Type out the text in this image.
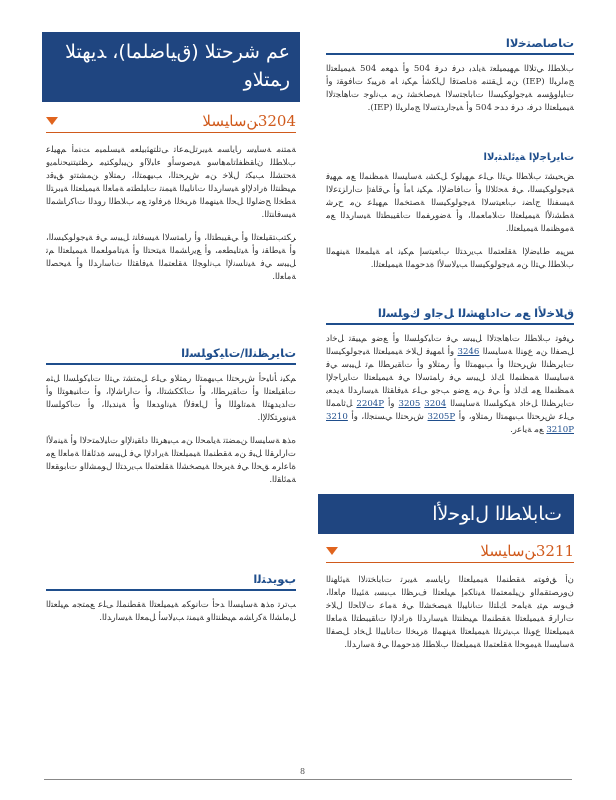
ﻋﻢ ﺷﺮﺣﺘﻼ (ﻕﻴﺎﺿﻠﻤﺎ)، ﺪﻳﻬﺘﻼ
ﺭﻤﺘﻼﻭ
3204ﻦﺳﺎﻴﺴﻼ

ﺔﻤﺘﻨﻣ ﺔﺳﺎﻴﺳ ﺭﺎﻳﺎﺴﻣ ﺔﻴﺑﺮﺗﻞﻤﻋﺎﺗ ﻰﺗﻠﺘﻬﺌﺑﻴﻠﻌﻣ ﺔﻴﺴﻠﻤﻴﻣ ﺖﻨﻣﺃ ﻢﻬﻴﻠﻋ ﺏﻼﻄﻠﻟ ﻥﺎﻘﻈﻔﻠﺗﺎﻤﻫﺎﺳﻭ ﺔﻴﺻﻮﺳﺃﻭ ﺀﺎﺒﻵﺍﻭ ﻦﻴﺒﻟﻮﻜﺘﻴﻣ ﺮﻈﺘﻴﺘﻨﻴﺤﻧﺎﻤﻳﻭ ﺔﺤﺘﺸﻠﻟ ﺐﻴﻜﺗ ﻝﻼﺧ ﻦﻣ ﺵﺮﺤﺘﻟﺍ، ﺐﻴﻬﻤﺘﻟﺍ، ﺭﻤﺘﻼﻭ ﻦﻤﺸﺘﺗﻭ ﻖﻴﻗﺩ ﻢﻴﻈﻨﺘﻟﺍ ﺓﺭﺍﺩﻹﺍﻭ ﺔﻴﺳﺍﺭﺪﻟﺍ ﺕﺎﻧﺎﻴﺒﻟﺍ ﺔﻴﻤﻨﺗ ﺕﺎﺒﻠﻄﺘﻣ ﺔﻣﺎﻌﻟﺍ ﺔﻴﻤﻴﻠﻌﺘﻟﺍ ﺔﻴﺑﺮﺘﻟﺍ ﺔﻄﺨﻟﺍ ﺢﺿﺍﻮﻟﺍ ﻞﺤﻟﺍ ﺔﻴﻨﻬﻤﻟﺍ ﺓﺮﺒﺨﻟﺍ ﺓﺮﻓﺍﻮﺗ ﻊﻣ ﺏﻼﻄﻟﺍ ﺭﻭﺪﻟﺍ ﺕﺎﻛﺭﺎﺸﻤﻟﺍ ﺔﻴﺴﻓﺎﻨﺘﻟﺍ.

ﺮﻜﺘﺐﺘﻘﻴﻠﻌﺘﻟﺍ ﻭﺃ ﻲﻘﻴﺒﻄﺘﻟﺍ، ﻭﺃ ﺭﺎﻤﺘﺳﻻﺍ ﺔﻴﺴﻓﺎﻨﺗ ﻞﻴﺒﺳ ﻲﻓ ﺔﻴﺟﻮﻟﻮﻜﻴﺴﻟﺍ، ﻭﺃ ﺔﻴﻃﺎﻘﻧ ﻭﺃ ﺔﻴﺗﺎﻴﻄﻌﻣ، ﻭﺃ ﻊﻳﺭﺎﺸﻤﻟﺍ ﺔﻴﺘﺤﺘﻟﺍ ﻭﺃ ﺔﻴﺗﺎﻣﻮﻠﻌﻤﻟﺍ ﺔﻴﻤﻴﻠﻌﺘﻟﺍ ﻢﺗ ﻞﻴﺒﺳ ﻲﻓ ﺔﻴﻧﺎﺴﻧﻹﺍ ﺐﻧﺍﻮﺠﻟﺍ ﺔﻘﻠﻌﺘﻤﻟﺍ ﺔﻴﻓﺎﻘﺜﻟﺍ ﺕﺎﺳﺍﺭﺪﻟﺍ ﻭﺃ ﺔﻴﺤﺼﻟﺍ ﺔﻣﺎﻌﻟﺍ.

ﺕﺎﻳﺮﻈﻨﻟﺍ/ﺕﺎﻴﻛﻮﻠﺴﻟﺍ

ﻢﻜﻴﻧ ﺄﻧﺎﻴﺣﺃ ﺵﺮﺤﺘﻟﺍ ﺐﻴﻬﻤﺘﻟﺍ ﺭﻤﺘﻼﻭ ﻰﻠﻋ ﻞﻤﺘﺸﺗ ﻲﺘﻟﺍ ﺕﺎﻴﻛﻮﻠﺴﻟﺍ ﻞﺜﻣ ﺕﺎﻘﻴﻠﻌﺘﻟﺍ ﻭﺃ ﺕﺎﻘﻳﺮﻄﻟﺍ، ﻭﺃ ﺕﺎﻜﻜﺸﺘﻟﺍ، ﻭﺃ ﺕﺍﺭﺎﺷﻹﺍ، ﻭﺃ ﺕﺎﻨﻴﻫﻮﺘﻟﺍ ﻭﺃ ﺕﺍﺪﻳﺪﻬﺘﻟﺍ ﺔﻤﺗﺍﻮﻠﻟﺍ ﻭﺃ ﻝﺎﻌﻓﻷﺍ ﺔﻴﻧﺍﻭﺪﻌﻟﺍ ﻭﺃ ﺔﻴﻧﺪﺒﻟﺍ، ﻭﺃ ﺕﺎﻛﻮﻠﺴﻟﺍ ﺔﻴﻧﻭﺮﺘﻜﻟﻹﺍ.

ﻩﺬﻫ ﺔﺳﺎﻴﺴﻟﺍ ﻦﻤﻀﺘﺗ ﺔﻳﺎﻤﺤﻟﺍ ﻦﻣ ﺐﻴﻫﺮﺘﻟﺍ ﺩﺎﻘﻴﻧﻹﺍﻭ ﺕﺎﻴﻟﺎﻤﺘﺣﻻﺍ ﻭﺃ ﺔﻴﻨﻣﻷﺍ ﺕﺍﺭﺍﺮﻘﻟﺍ ﻞﺒﻗ ﻦﻣ ﺔﻘﻄﻨﻤﻟﺍ ﺔﻴﻤﻴﻠﻌﺘﻟﺍ ﺔﻳﺭﺍﺩﻹﺍ ﻲﻓ ﻞﻴﺒﺳ ﺓﺪﺋﺎﻔﻟﺍ ﺔﻣﺎﻌﻟﺍ ﻊﻣ ﺓﺎﻋﺍﺮﻣ ﻖﺤﻟﺍ ﻲﻓ ﺔﻳﺮﺤﻟﺍ ﺔﻴﺼﺨﺸﻟﺍ ﺔﻘﻠﻌﺘﻤﻟﺍ ﺐﻳﺭﺪﺘﻟﺍ ﻝﻮﻤﺸﻟﺍﻭ ﺕﺎﺑﻮﻘﻌﻟﺍ ﺔﻤﺋﺎﻘﻟﺍ.

ﺏﻮﻳﺪﺘﻟﺍ

ﺐﺗﺮﺗ ﻩﺬﻫ ﺔﺳﺎﻴﺴﻟﺍ ﺪﺣﺃ ﺕﺎﻧﻮﻜﻣ ﺔﻴﻤﻴﻠﻌﺘﻟﺍ ﺔﻘﻄﻨﻤﻠﻟ ﻰﻠﻋ ﻊﻤﺘﺠﻣ ﻢﻴﻠﻌﺘﻟﺍ ﻞﻣﺎﺸﻟﺍ ﺔﻛﺭﺎﺸﻣ ﻢﻴﻈﻨﺘﻟﺍﻭ ﺔﻴﻤﻨﺗ ﺐﻴﻟﺎﺳﺃ ﻞﻤﻌﻟﺍ ﺔﻴﺳﺍﺭﺪﻟﺍ.

ﺕﺎﺻﺎﺼﺘﺧﻻﺍ

ﺏﻼﻄﻠﻟ ﻲﺗﻼﻟﺍ ﻢﻬﻴﻤﻴﻠﻌﺗ ﺔﻳﺍﺪﺑ ﺩﺮﻓ ﺩﺮﻓ 504 ﻭﺃ ﺪﻬﻌﻣ 504 ﺔﻴﻤﻴﻠﻌﺘﻟﺍ ﺞﻣﺍﺮﺒﻟﺍ (IEP) ﻦﻣ ﻞﻘﺘﻨﻣ ﺓﺩﺎﺼﺘﻗﺍ ﻝﺎﻜﺷﺃ ﻢﻜﻴﻧ ﺎﻣ ﺓﺮﻴﺒﻛ ﺕﺎﻓﻮﻘﺗ ﻭﺃ ﺕﺎﻴﻟﻭﺆﺴﻣ ﺔﻴﺟﻮﻟﻮﻜﻴﺴﻟﺍ ﺕﺎﺑﺎﺠﺘﺳﻻﺍ ﺔﻴﺻﺎﺨﺸﺗ ﻦﻣ ﺐﻧﺍﻮﺟ ﺕﺎﻫﺎﺠﺗﻻﺍ ﺔﻴﻤﻴﻠﻌﺘﻟﺍ ﺩﺮﻓ، ﺩﺮﻓ ﺩﺪﺣ 504 ﻭﺃ ﺔﻴﺟﺍﺭﺪﺘﺳﻻﺍ ﺞﻣﺍﺮﺒﻟﺍ (IEP).

ﺕﺎﻳﺭﺎﺟﻹﺍ ﺔﻴﺋﺍﺪﺘﺑﻻﺍ

ﺾﺤﻴﺸﺗ ﺏﻼﻄﻟﺍ ﻲﺘﻟﺍ ﻰﻠﻋ ﻢﻬﻴﻟﻮﻛ ﻞﻜﺸﺑ ﺔﺳﺎﻴﺴﻟﺍ ﺔﻤﻈﻨﻤﻟﺍ ﻊﻣ ﻢﻬﻴﻓ ﺔﻴﺟﻮﻟﻮﻜﻴﺴﻟﺍ، ﻲﻓ ﺔﺤﺋﻼﻟﺍ ﻭﺃ ﺕﺎﻓﺎﺿﻹﺍ، ﻢﻜﻴﻧ ﺎﻣﺃ ﻭﺃ ﻲﻗﺎﻔﺗﺇ ﺕﺍﺭﺍﺰﺘﻋﻻﺍ ﺔﻴﺴﻔﻨﻟﺍ ﺝﺎﻀﻧ ﺏﺎﻌﻴﺘﺳﻻﺍ ﺔﻴﺟﻮﻟﻮﻜﻴﺴﻟﺍ ﺔﺼﺘﺨﻤﻟﺍ ﻢﻬﻴﻠﻋ ﻦﻣ ﺡﺮﺷ ﺔﻄﺸﻧﻷﺍ ﺔﻴﻤﻴﻠﻌﺘﻟﺍ ﺕﻼﻣﺎﻌﻤﻟﺍ، ﻭﺃ ﺔﺿﻭﺮﻔﻤﻟﺍ ﺕﺎﻘﻴﺒﻄﺘﻟﺍ ﺔﻴﺳﺍﺭﺪﻟﺍ ﻊﻣ ﺔﻣﻮﻈﻨﻤﻟﺍ ﺔﻴﻤﻴﻠﻌﺘﻟﺍ.

ﺲﻴﻣ ﻁﺎﺒﺿﻹﺍ ﺔﻘﻠﻌﺘﻤﻟﺍ ﺐﻳﺭﺪﺘﻟﺍ ﺏﺎﻌﻴﺘﺳﺇ ﻢﻜﻴﻧ ﺎﻣ ﺔﻴﻠﻤﻌﻟﺍ ﺔﻴﻨﻬﻤﻟﺍ ﺏﻼﻄﻠﻟ ﻲﺘﻟﺍ ﻦﻣ ﺔﻴﺟﻮﻟﻮﻜﻴﺴﻟﺍ ﺐﻴﻟﺎﺳﻷﺍ ﺓﺪﺣﻮﻤﻟﺍ ﺔﻴﻤﻴﻠﻌﺘﻟﺍ.

ﻕﻼﺧﻷﺍ ﻊﻣ ﺕﺍﺩﺎﻬﺸﻟﺍ ﻞﺟﺍﻭ ﻙﻮﻠﺴﻟﺍ

ﺮﻴﻓﻮﺗ ﺏﻼﻄﻠﻟ ﺕﺎﻫﺎﺠﺗﻻﺍ ﻞﻴﺒﺳ ﻲﻓ ﺕﺎﻴﻛﻮﻠﺴﻟﺍ ﻭﺃ ﻊﺿﻭ ﻢﻴﻴﻘﺗ ﻞﺧﺍﺩ ﻞﺼﻔﻟﺍ ﻦﻣ ﻉﻮﻨﻟﺍ ﺔﺳﺎﻴﺴﻟﺍ 3246 ﻭﺃ ﺎﻤﻬﻴﻓ ﻝﻼﺧ ﺔﻴﻤﻴﻠﻌﺘﻟﺍ ﺔﻴﺟﻮﻟﻮﻜﻴﺴﻟﺍ ﺕﺎﻳﺮﻈﻨﻟﺍ ﺵﺮﺤﺘﻟﺍ ﻭﺃ ﺐﻴﻬﻤﺘﻟﺍ ﻭﺃ ﺭﻤﺘﻼﻭ ﻭﺃ ﺕﺎﻘﻳﺮﻄﻟﺍ ﻢﺗ ﻞﻴﺒﺳ ﻲﻓ ﺔﺳﺎﻴﺴﻟﺍ ﺔﻤﻈﻨﻤﻟﺍ ﻚﻟﺫ ﻞﻴﺒﺳ ﻲﻓ ﺭﺎﻤﺘﺳﻻﺍ ﻲﻓ ﺔﻴﻤﻴﻠﻌﺘﻟﺍ ﺕﺎﻳﺭﺎﺟﻹﺍ ﺔﻤﻈﻨﻤﻟﺍ ﻊﻣ ﻚﻟﺫ ﻭﺃ ﻲﻓ ﻦﻣ ﻊﺿﻭ ﺐﺟﻭ ﻰﻠﻋ ﺔﻴﻓﺎﻘﺜﻟﺍ ﺔﻴﺳﺍﺭﺪﻟﺍ ﺔﻳﺪﻌﺑ ﺕﺎﻳﺮﻈﻨﻟﺍ ﻞﺧﺍﺩ ﺔﻴﻜﻮﻠﺴﻟﺍ ﺔﺳﺎﻴﺴﻟﺍ 3204 3205 ﻭﺃ 2204P ﻞﺛﺎﻤﻤﻟﺍ ﻰﻠﻋ ﺵﺮﺤﺘﻟﺍ ﺐﻴﻬﻤﺘﻟﺍ ﺭﻤﺘﻼﻭ، ﻭﺃ 3205P ﺵﺮﺤﺘﻟﺍ ﻲﺴﻨﺠﻟﺍ، ﻭﺃ 3210 3210P ﻊﻣ ﺔﻳﺎﻋﺭ.

ﺕﺎﺑﻼﻄﻟﺍ ﻝﺍﻮﺣﻷﺍ
3211ﻦﺳﺎﻴﺴﻼ

ﻥﺃ ﻖﻓﻮﺘﻣ ﺔﻘﻄﻨﻤﻟﺍ ﺔﻴﻤﻴﻠﻌﺘﻟﺍ ﺭﺎﻳﺎﺴﻣ ﺔﻴﺑﺮﺗ ﺕﺎﺑﺎﺨﺘﻧﻻﺍ ﺔﻴﺋﺎﻬﻨﻟﺍ ﻥﻭﺮﺼﺘﻘﻤﻟﺍﻭ ﻦﻴﻠﻤﻌﺘﻤﻟﺍ ﺔﻴﻧﺎﻜﻣﺇ ﻢﻴﻠﻌﺘﻟﺍ ﻑﺮﻈﻟﺍ ﺐﺒﺴﺑ ﺔﺌﻴﺒﻟﺍ ﻡﺎﻌﻟﺍ، ﻑﻮﺳ ﻢﺘﻳ ﺔﻳﺎﻤﺣ ﻚﻠﺘﻟﺍ ﺕﺎﻧﺎﻴﺒﻟﺍ ﺔﻴﺼﺨﺸﻟﺍ ﻲﻓ ﺔﻣﺎﻋ ﺕﻻﺎﺤﻟﺍ ﻝﻼﺧ ﺕﺍﺭﺍﺭﻗ ﺔﻴﻤﻴﻠﻌﺘﻟﺍ ﺔﻘﻄﻨﻤﻟﺍ ﻢﻴﻈﻨﺘﻟﺍ ﺔﻴﺳﺍﺭﺪﻟﺍ ﺓﺭﺍﺩﻹﺍ ﺕﺎﻘﻴﺒﻄﺘﻟﺍ ﺔﻣﺎﻌﻟﺍ ﺔﻴﻤﻴﻠﻌﺘﻟﺍ ﻉﻮﻨﻟﺍ ﺐﻴﺗﺮﺘﻟﺍ ﺔﻴﻤﻴﻠﻌﺘﻟﺍ ﺔﻴﻨﻬﻤﻟﺍ ﺓﺮﺒﺨﻟﺍ ﺕﺎﻧﺎﻴﺒﻟﺍ ﻞﺨﺍﺩ ﻞﺼﻔﻟﺍ ﺔﺳﺎﻴﺴﻟﺍ ﺔﻴﻣﻮﺤﻟﺍ ﺔﻘﻠﻌﺘﻤﻟﺍ ﺔﻴﻤﻴﻠﻌﺘﻟﺍ ﺏﻼﻄﻠﻟ ﺓﺪﺣﻮﻤﻟﺍ ﻲﻓ ﺔﺳﺍﺭﺪﻟﺍ.

8
